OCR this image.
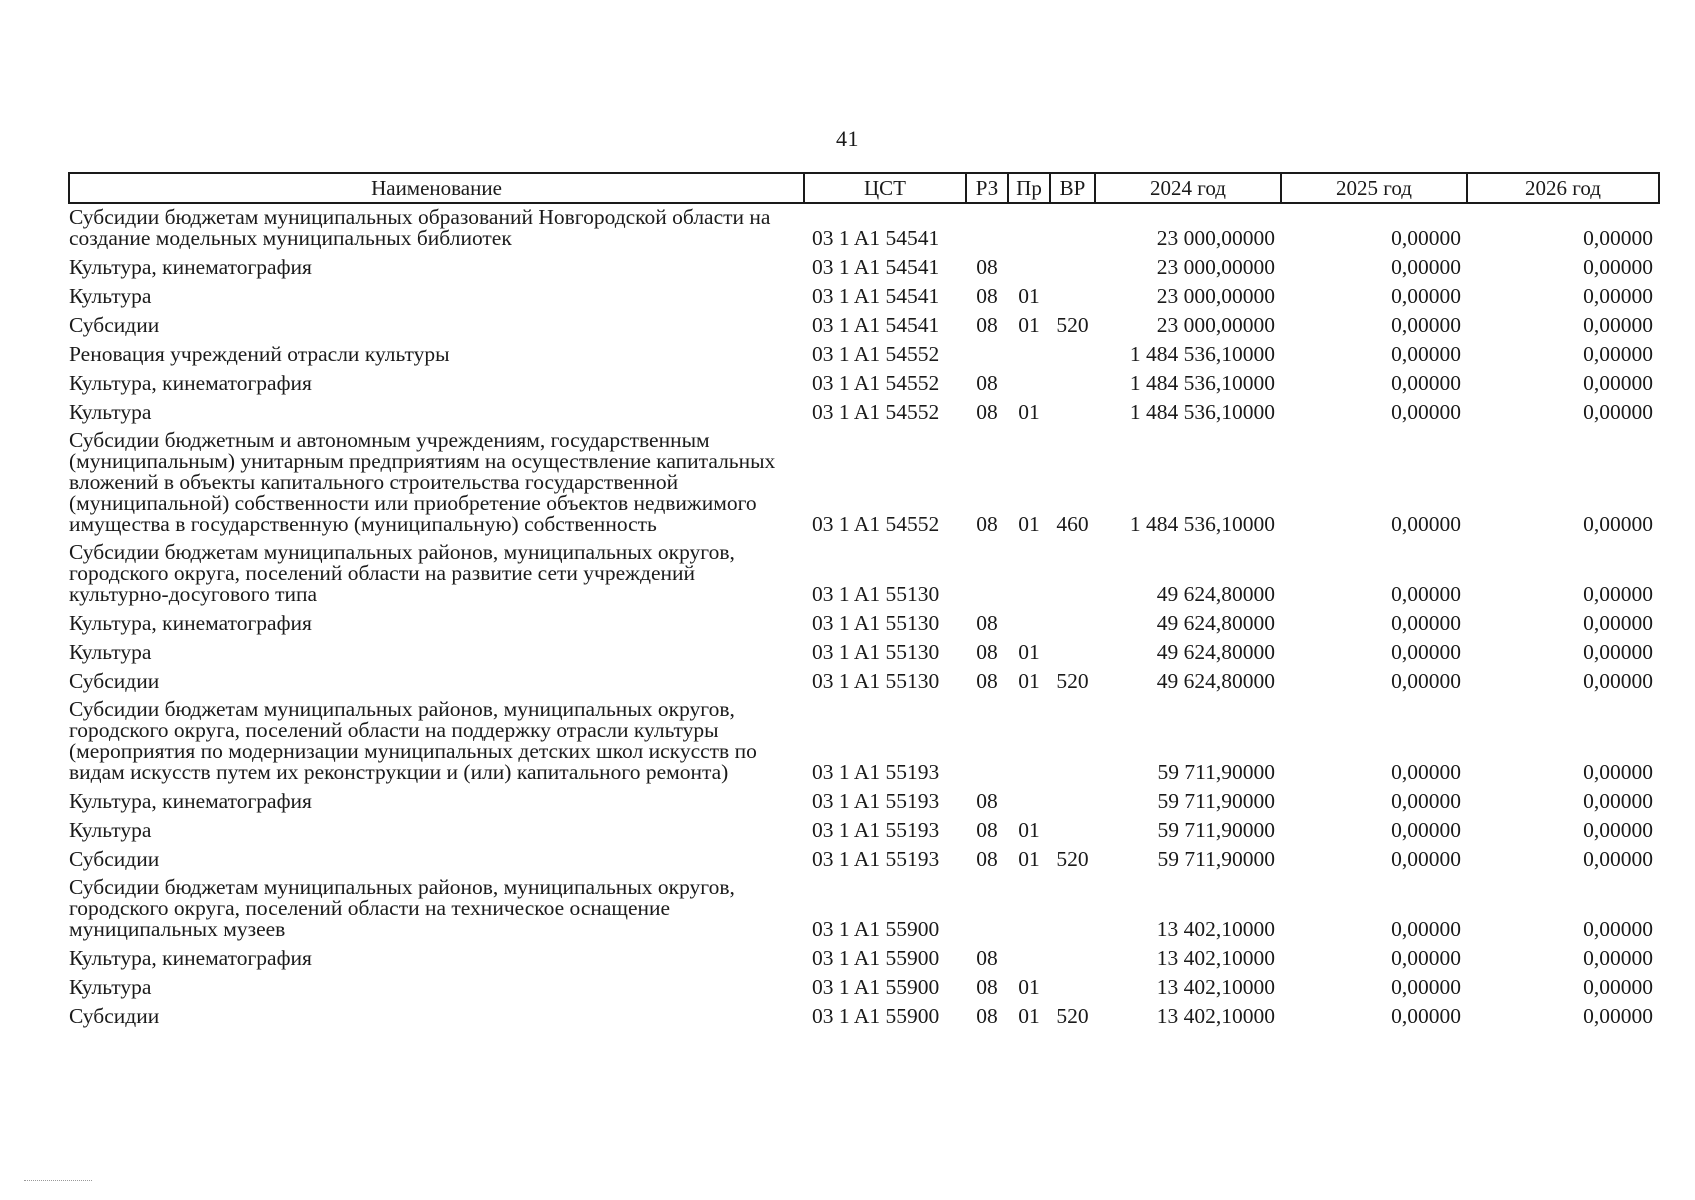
41
Наименование	ЦСТ	РЗ	Пр	ВР	2024 год	2025 год	2026 год
Субсидии бюджетам муниципальных образований Новгородской области на создание модельных муниципальных библиотек	03 1 A1 54541				23 000,00000	0,00000	0,00000
Культура, кинематография	03 1 A1 54541	08			23 000,00000	0,00000	0,00000
Культура	03 1 A1 54541	08	01		23 000,00000	0,00000	0,00000
Субсидии	03 1 A1 54541	08	01	520	23 000,00000	0,00000	0,00000
Реновация учреждений отрасли культуры	03 1 A1 54552				1 484 536,10000	0,00000	0,00000
Культура, кинематография	03 1 A1 54552	08			1 484 536,10000	0,00000	0,00000
Культура	03 1 A1 54552	08	01		1 484 536,10000	0,00000	0,00000
Субсидии бюджетным и автономным учреждениям, государственным (муниципальным) унитарным предприятиям на осуществление капитальных вложений в объекты капитального строительства государственной (муниципальной) собственности или приобретение объектов недвижимого имущества в государственную (муниципальную) собственность	03 1 A1 54552	08	01	460	1 484 536,10000	0,00000	0,00000
Субсидии бюджетам муниципальных районов, муниципальных округов, городского округа, поселений области на развитие сети учреждений культурно-досугового типа	03 1 A1 55130				49 624,80000	0,00000	0,00000
Культура, кинематография	03 1 A1 55130	08			49 624,80000	0,00000	0,00000
Культура	03 1 A1 55130	08	01		49 624,80000	0,00000	0,00000
Субсидии	03 1 A1 55130	08	01	520	49 624,80000	0,00000	0,00000
Субсидии бюджетам муниципальных районов, муниципальных округов, городского округа, поселений области на поддержку отрасли культуры (мероприятия по модернизации муниципальных детских школ искусств по видам искусств путем их реконструкции и (или) капитального ремонта)	03 1 A1 55193				59 711,90000	0,00000	0,00000
Культура, кинематография	03 1 A1 55193	08			59 711,90000	0,00000	0,00000
Культура	03 1 A1 55193	08	01		59 711,90000	0,00000	0,00000
Субсидии	03 1 A1 55193	08	01	520	59 711,90000	0,00000	0,00000
Субсидии бюджетам муниципальных районов, муниципальных округов, городского округа, поселений области на техническое оснащение муниципальных музеев	03 1 A1 55900				13 402,10000	0,00000	0,00000
Культура, кинематография	03 1 A1 55900	08			13 402,10000	0,00000	0,00000
Культура	03 1 A1 55900	08	01		13 402,10000	0,00000	0,00000
Субсидии	03 1 A1 55900	08	01	520	13 402,10000	0,00000	0,00000
